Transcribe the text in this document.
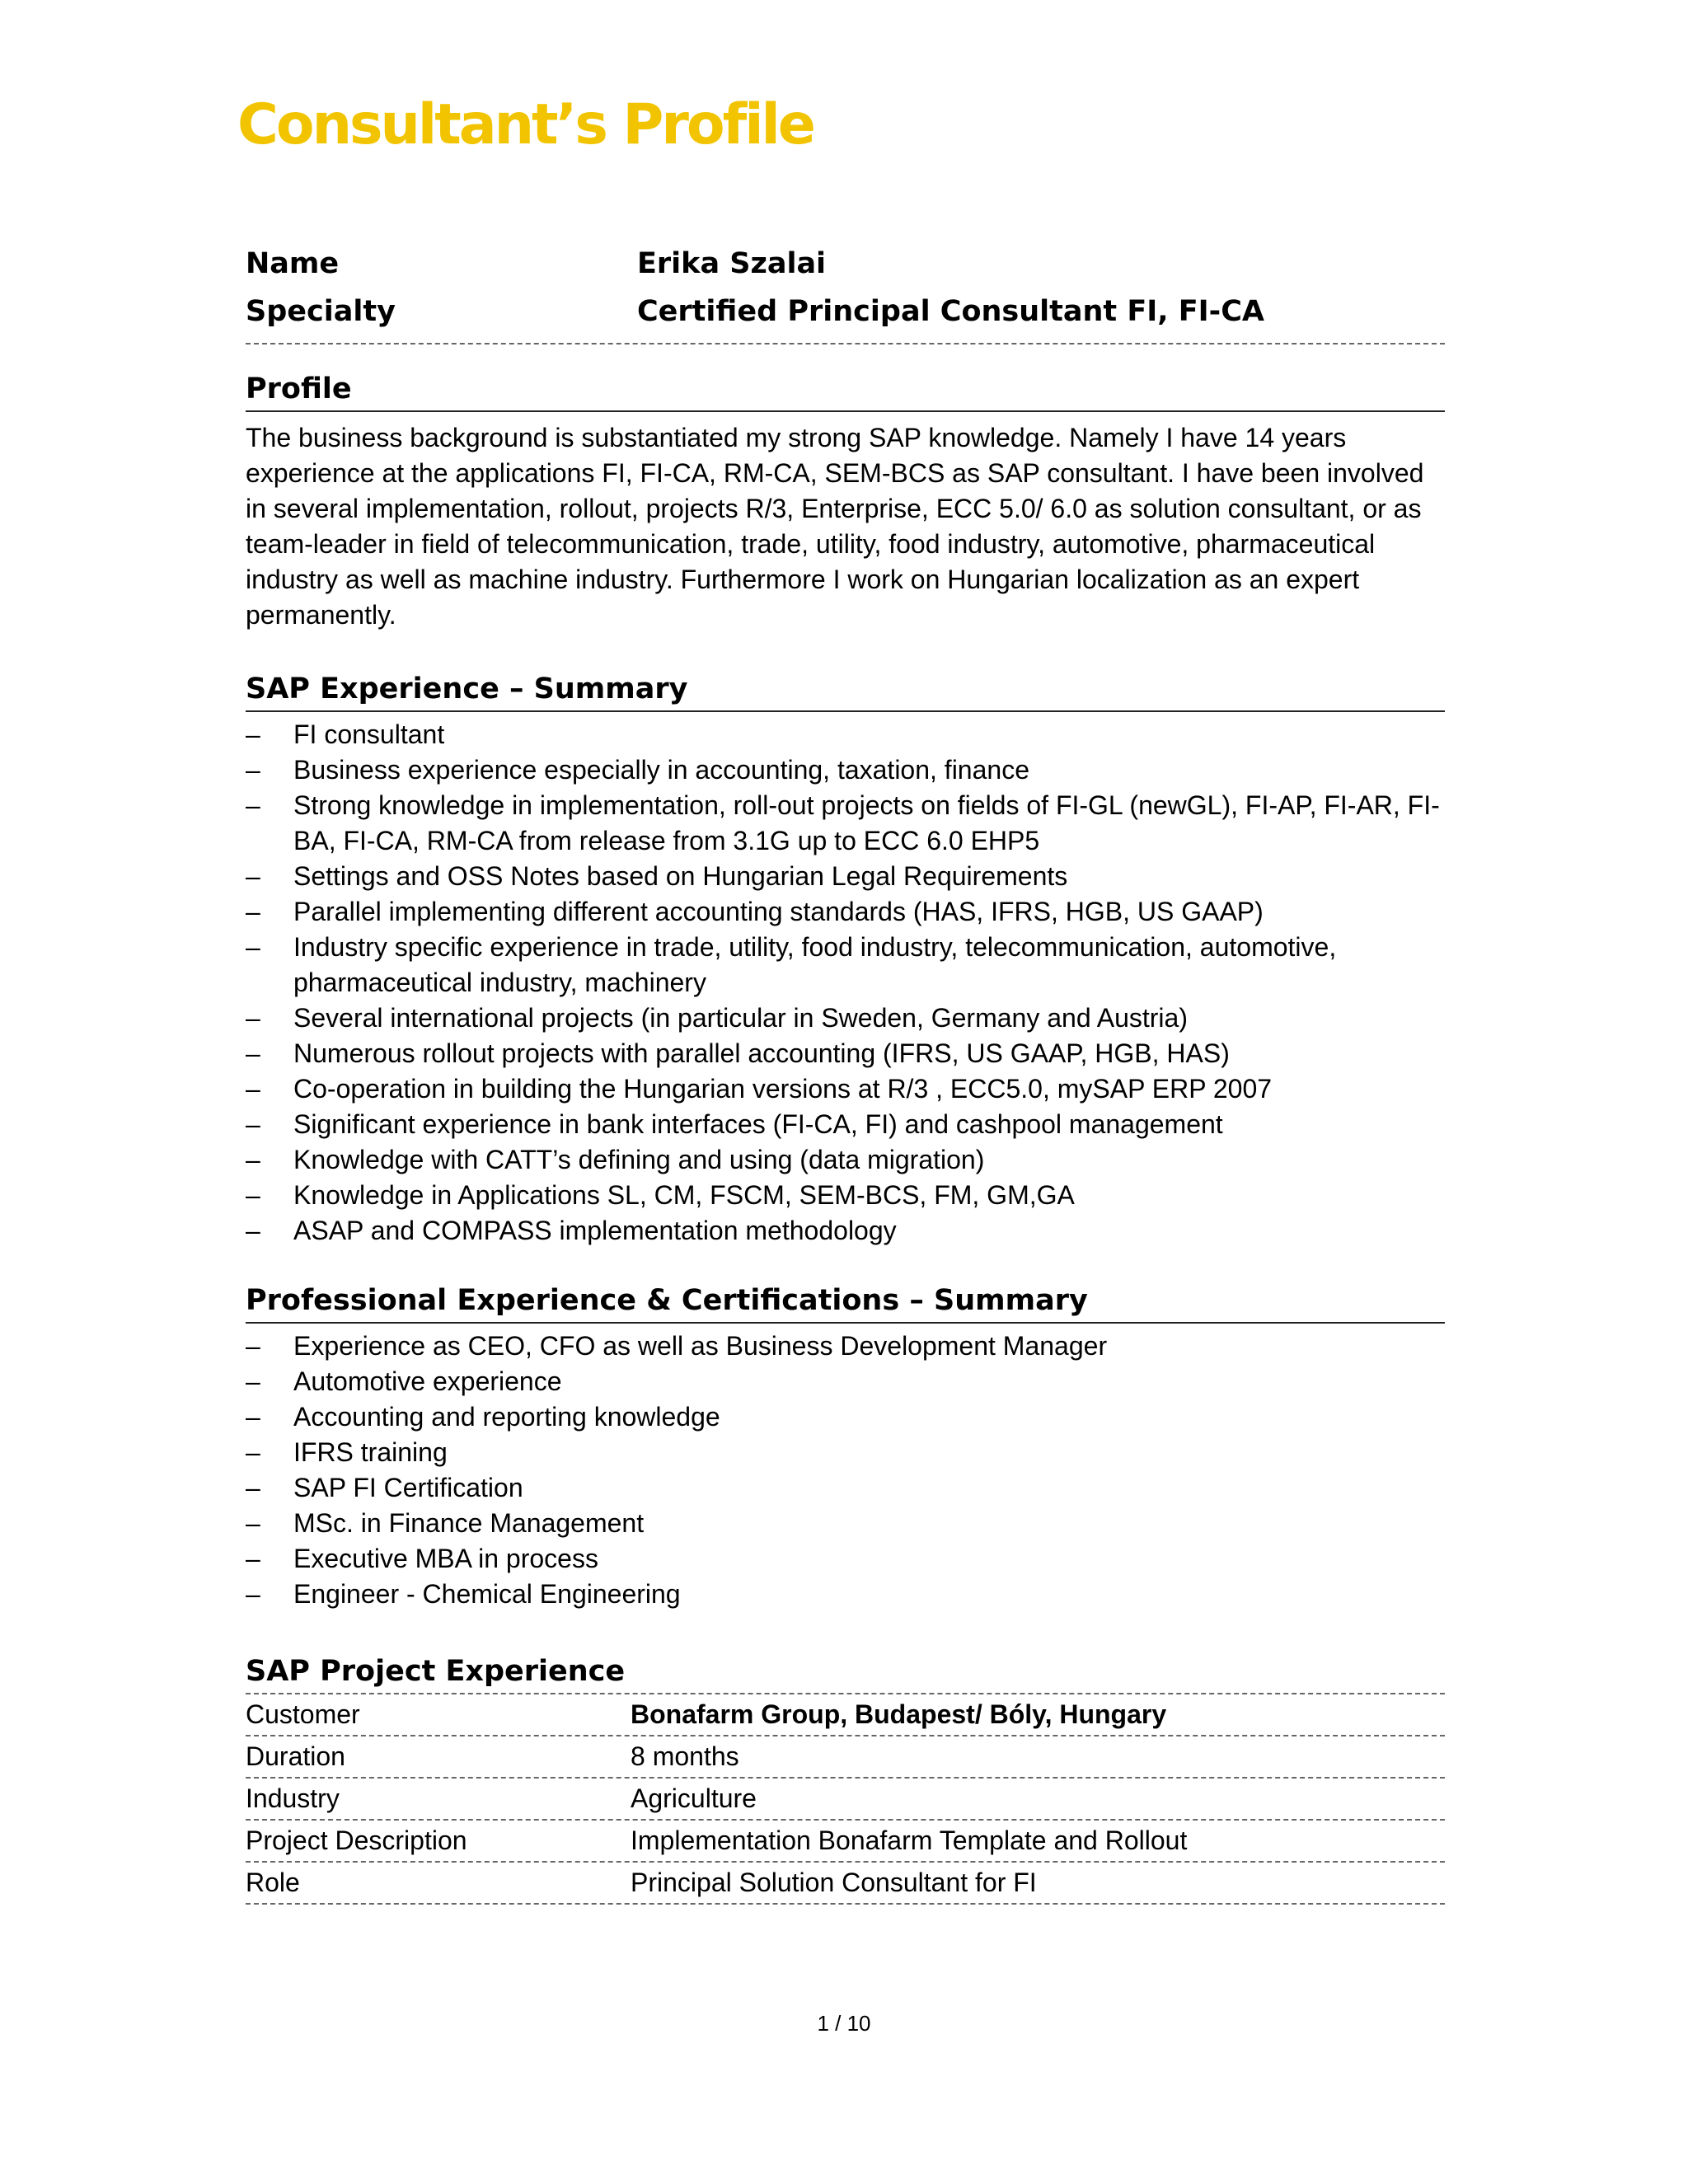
Consultant’s Profile
Name	Erika Szalai
Specialty	Certified Principal Consultant FI, FI-CA
Profile

The business background is substantiated my strong SAP knowledge. Namely I have 14 years experience at the applications FI, FI-CA, RM-CA, SEM-BCS as SAP consultant. I have been involved in several implementation, rollout, projects R/3, Enterprise, ECC 5.0/ 6.0 as solution consultant, or as team-leader in field of telecommunication, trade, utility, food industry, automotive, pharmaceutical industry as well as machine industry. Furthermore I work on Hungarian localization as an expert permanently.

SAP Experience – Summary
– FI consultant
– Business experience especially in accounting, taxation, finance
– Strong knowledge in implementation, roll-out projects on fields of FI-GL (newGL), FI-AP, FI-AR, FI-BA, FI-CA, RM-CA from release from 3.1G up to ECC 6.0 EHP5
– Settings and OSS Notes based on Hungarian Legal Requirements
– Parallel implementing different accounting standards (HAS, IFRS, HGB, US GAAP)
– Industry specific experience in trade, utility, food industry, telecommunication, automotive, pharmaceutical industry, machinery
– Several international projects (in particular in Sweden, Germany and Austria)
– Numerous rollout projects with parallel accounting (IFRS, US GAAP, HGB, HAS)
– Co-operation in building the Hungarian versions at R/3 , ECC5.0, mySAP ERP 2007
– Significant experience in bank interfaces (FI-CA, FI) and cashpool management
– Knowledge with CATT’s defining and using (data migration)
– Knowledge in Applications SL, CM, FSCM, SEM-BCS, FM, GM,GA
– ASAP and COMPASS implementation methodology
Professional Experience & Certifications – Summary
– Experience as CEO, CFO as well as Business Development Manager
– Automotive experience
– Accounting and reporting knowledge
– IFRS training
– SAP FI Certification
– MSc. in Finance Management
– Executive MBA in process
– Engineer - Chemical Engineering
SAP Project Experience
Customer	Bonafarm Group, Budapest/ Bóly, Hungary
Duration	8 months
Industry	Agriculture
Project Description	Implementation Bonafarm Template and Rollout
Role	Principal Solution Consultant for FI
1 / 10
